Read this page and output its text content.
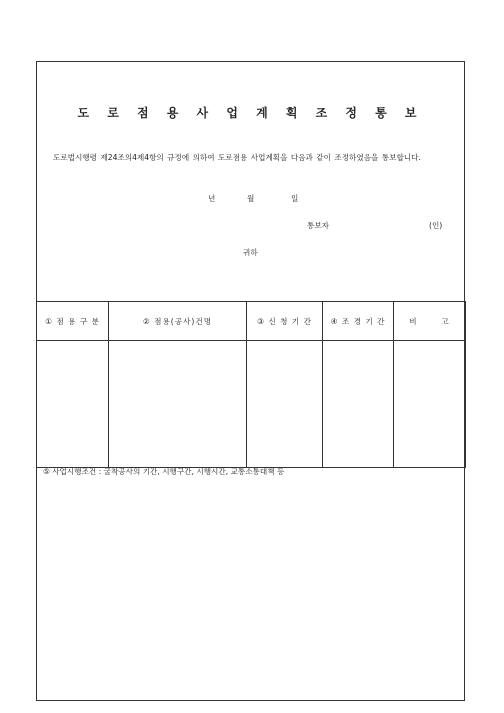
도 로 점 용 사 업 계 획 조 정 통 보
도로법시행령 제24조의4제4항의 규정에 의하여 도로점용 사업계획을 다음과 같이 조정하였음을 통보합니다.
년	월	일
통보자	(인)
귀하
① 점 용 구 분	② 점용(공사)건명	③ 신 청 기 간	④ 조 경 기 간	비       고

⑤ 사업시행조건 : 굴착공사의 기간, 시행구간, 시행시간, 교통소통대책 등
